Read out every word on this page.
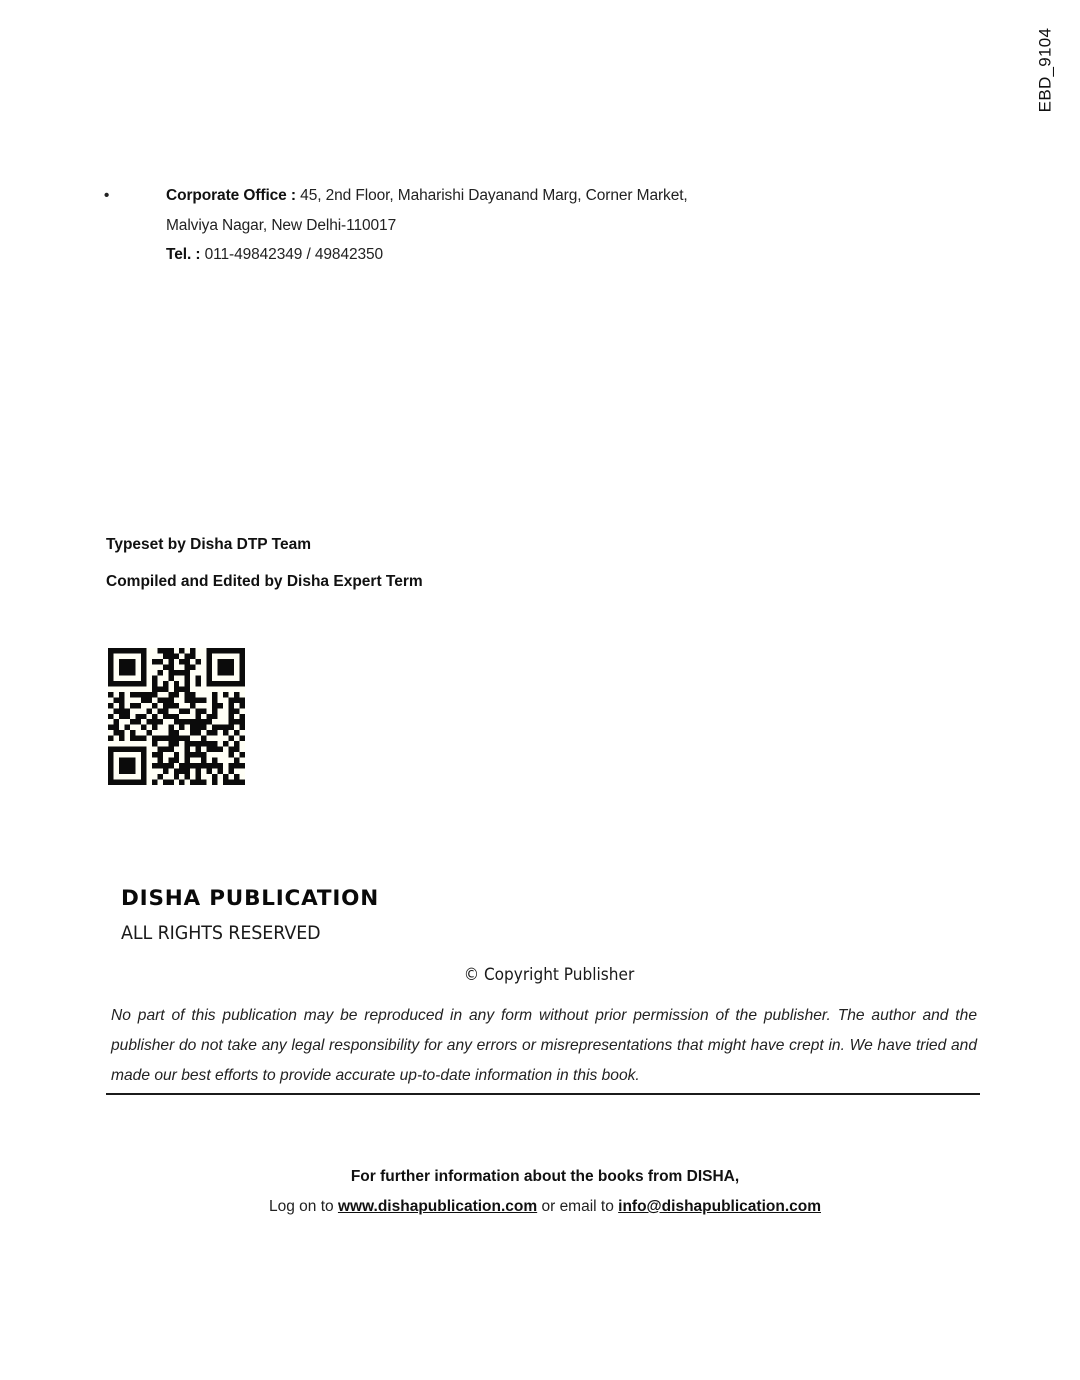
EBD_9104
•	Corporate Office : 45, 2nd Floor, Maharishi Dayanand Marg, Corner Market,
Malviya Nagar, New Delhi-110017
Tel. : 011-49842349 / 49842350
Typeset by Disha DTP Team
Compiled and Edited by Disha Expert Term
DISHA PUBLICATION
ALL RIGHTS RESERVED
© Copyright Publisher
No part of this publication may be reproduced in any form without prior permission of the publisher. The author and the publisher do not take any legal responsibility for any errors or misrepresentations that might have crept in. We have tried and made our best efforts to provide accurate up-to-date information in this book.
For further information about the books from DISHA,
Log on to www.dishapublication.com or email to info@dishapublication.com
